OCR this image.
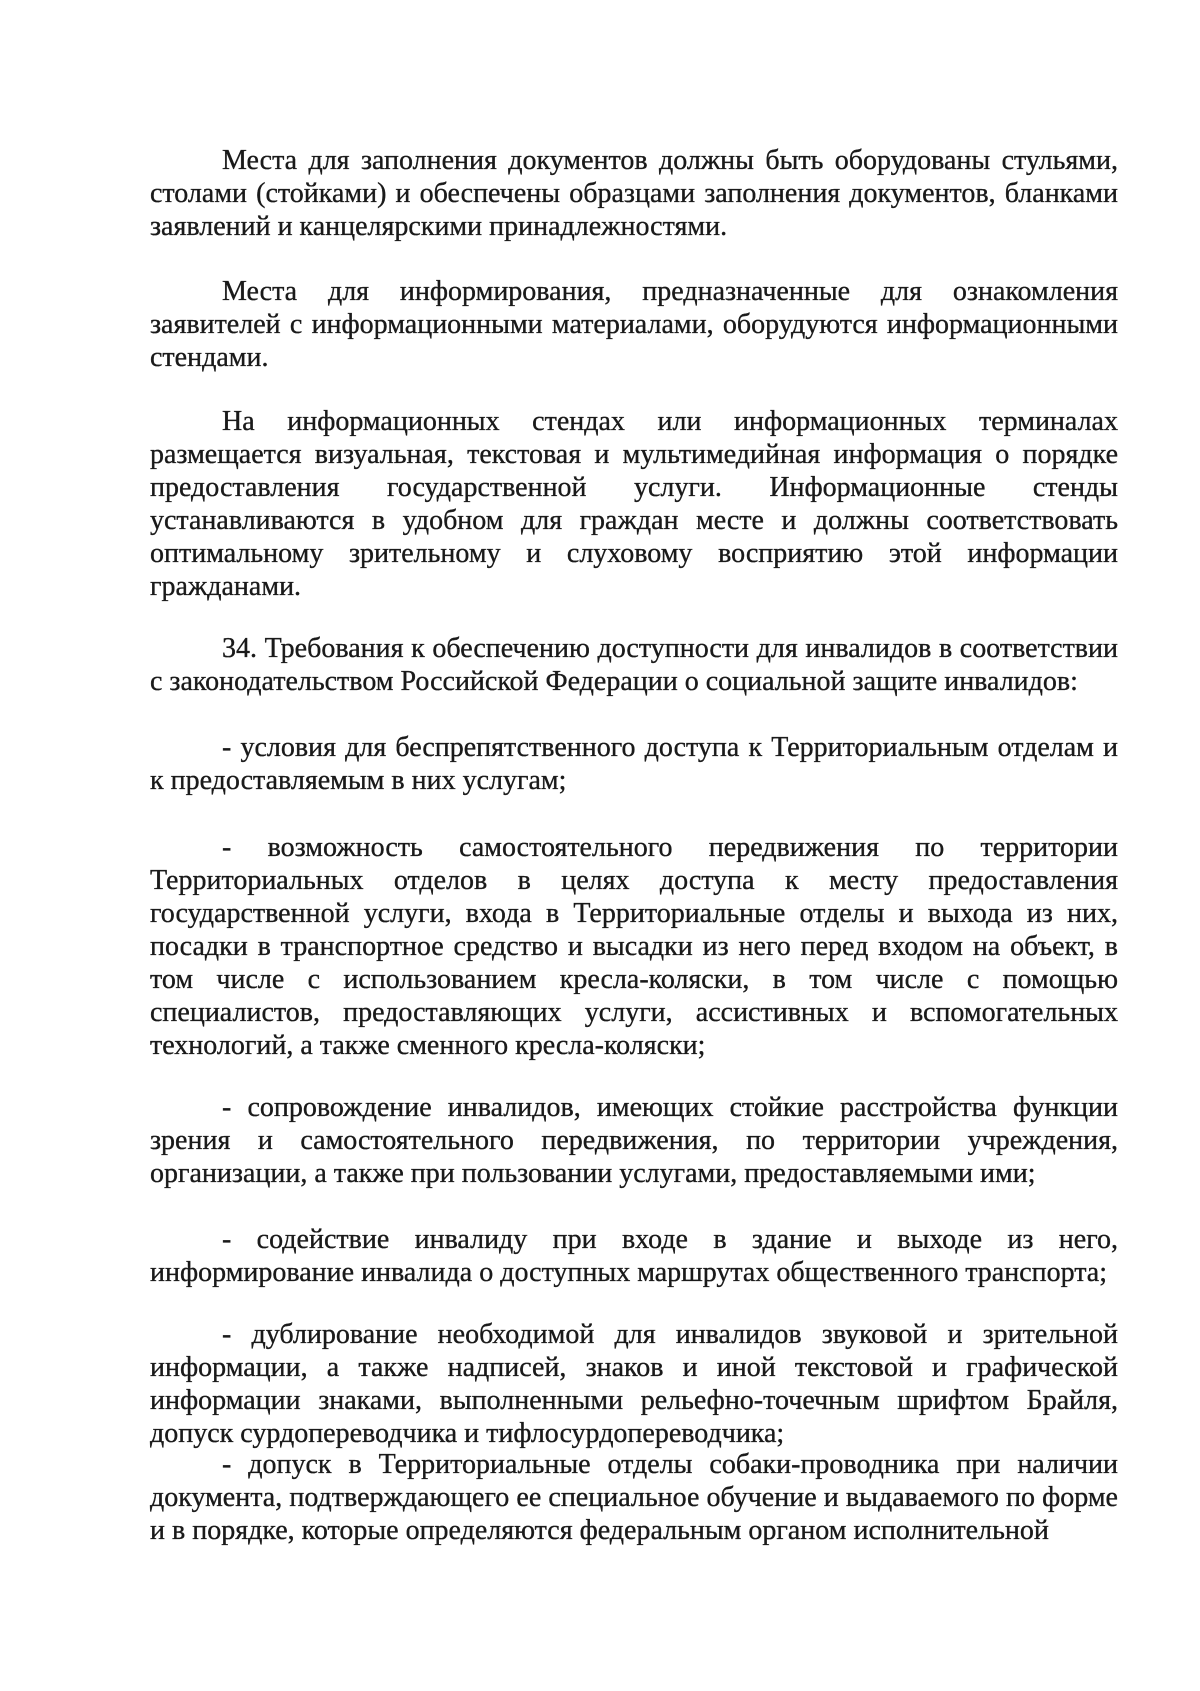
Места для заполнения документов должны быть оборудованы стульями, столами (стойками) и обеспечены образцами заполнения документов, бланками заявлений и канцелярскими принадлежностями.

Места для информирования, предназначенные для ознакомления заявителей с информационными материалами, оборудуются информационными стендами.

На информационных стендах или информационных терминалах размещается визуальная, текстовая и мультимедийная информация о порядке предоставления государственной услуги. Информационные стенды устанавливаются в удобном для граждан месте и должны соответствовать оптимальному зрительному и слуховому восприятию этой информации гражданами.

34. Требования к обеспечению доступности для инвалидов в соответствии с законодательством Российской Федерации о социальной защите инвалидов:

- условия для беспрепятственного доступа к Территориальным отделам и к предоставляемым в них услугам;

- возможность самостоятельного передвижения по территории Территориальных отделов в целях доступа к месту предоставления государственной услуги, входа в Территориальные отделы и выхода из них, посадки в транспортное средство и высадки из него перед входом на объект, в том числе с использованием кресла-коляски, в том числе с помощью специалистов, предоставляющих услуги, ассистивных и вспомогательных технологий, а также сменного кресла-коляски;

- сопровождение инвалидов, имеющих стойкие расстройства функции зрения и самостоятельного передвижения, по территории учреждения, организации, а также при пользовании услугами, предоставляемыми ими;

- содействие инвалиду при входе в здание и выходе из него, информирование инвалида о доступных маршрутах общественного транспорта;

- дублирование необходимой для инвалидов звуковой и зрительной информации, а также надписей, знаков и иной текстовой и графической информации знаками, выполненными рельефно-точечным шрифтом Брайля, допуск сурдопереводчика и тифлосурдопереводчика;

- допуск в Территориальные отделы собаки-проводника при наличии документа, подтверждающего ее специальное обучение и выдаваемого по форме и в порядке, которые определяются федеральным органом исполнительной
